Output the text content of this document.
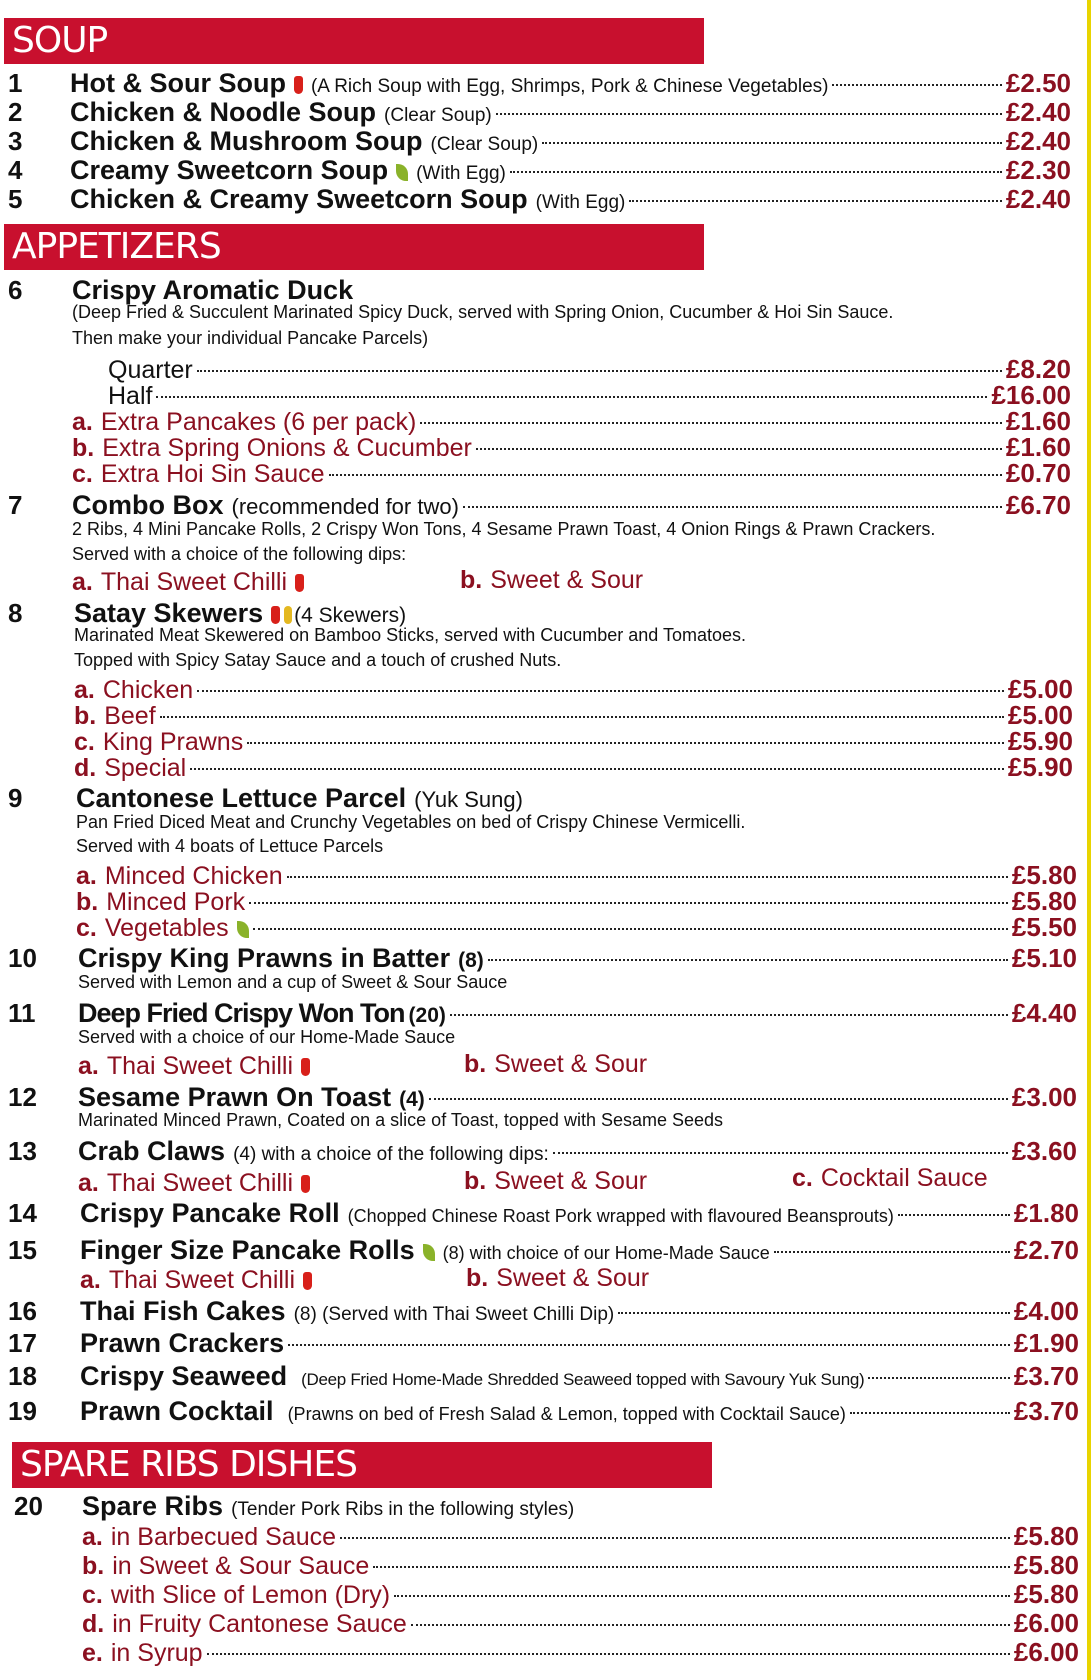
SOUP
1 Hot & Sour Soup (A Rich Soup with Egg, Shrimps, Pork & Chinese Vegetables)	£2.50
2 Chicken & Noodle Soup (Clear Soup)	£2.40
3 Chicken & Mushroom Soup (Clear Soup)	£2.40
4 Creamy Sweetcorn Soup (With Egg)	£2.30
5 Chicken & Creamy Sweetcorn Soup (With Egg)	£2.40
APPETIZERS
6 Crispy Aromatic Duck
(Deep Fried & Succulent Marinated Spicy Duck, served with Spring Onion, Cucumber & Hoi Sin Sauce.
Then make your individual Pancake Parcels)
Quarter	£8.20
Half	£16.00
a. Extra Pancakes (6 per pack)	£1.60
b. Extra Spring Onions & Cucumber	£1.60
c. Extra Hoi Sin Sauce	£0.70
7 Combo Box (recommended for two)	£6.70
2 Ribs, 4 Mini Pancake Rolls, 2 Crispy Won Tons, 4 Sesame Prawn Toast, 4 Onion Rings & Prawn Crackers.
Served with a choice of the following dips:
a. Thai Sweet Chilli	b. Sweet & Sour
8 Satay Skewers (4 Skewers)
Marinated Meat Skewered on Bamboo Sticks, served with Cucumber and Tomatoes.
Topped with Spicy Satay Sauce and a touch of crushed Nuts.
a. Chicken	£5.00
b. Beef	£5.00
c. King Prawns	£5.90
d. Special	£5.90
9 Cantonese Lettuce Parcel (Yuk Sung)
Pan Fried Diced Meat and Crunchy Vegetables on bed of Crispy Chinese Vermicelli.
Served with 4 boats of Lettuce Parcels
a. Minced Chicken	£5.80
b. Minced Pork	£5.80
c. Vegetables	£5.50
10 Crispy King Prawns in Batter (8)	£5.10
Served with Lemon and a cup of Sweet & Sour Sauce
11 Deep Fried Crispy Won Ton (20)	£4.40
Served with a choice of our Home-Made Sauce
a. Thai Sweet Chilli	b. Sweet & Sour
12 Sesame Prawn On Toast (4)	£3.00
Marinated Minced Prawn, Coated on a slice of Toast, topped with Sesame Seeds
13 Crab Claws (4) with a choice of the following dips:	£3.60
a. Thai Sweet Chilli	b. Sweet & Sour	c. Cocktail Sauce
14 Crispy Pancake Roll (Chopped Chinese Roast Pork wrapped with flavoured Beansprouts)	£1.80
15 Finger Size Pancake Rolls (8) with choice of our Home-Made Sauce	£2.70
a. Thai Sweet Chilli	b. Sweet & Sour
16 Thai Fish Cakes (8) (Served with Thai Sweet Chilli Dip)	£4.00
17 Prawn Crackers	£1.90
18 Crispy Seaweed (Deep Fried Home-Made Shredded Seaweed topped with Savoury Yuk Sung)	£3.70
19 Prawn Cocktail (Prawns on bed of Fresh Salad & Lemon, topped with Cocktail Sauce)	£3.70
SPARE RIBS DISHES
20 Spare Ribs (Tender Pork Ribs in the following styles)
a. in Barbecued Sauce	£5.80
b. in Sweet & Sour Sauce	£5.80
c. with Slice of Lemon (Dry)	£5.80
d. in Fruity Cantonese Sauce	£6.00
e. in Syrup	£6.00
